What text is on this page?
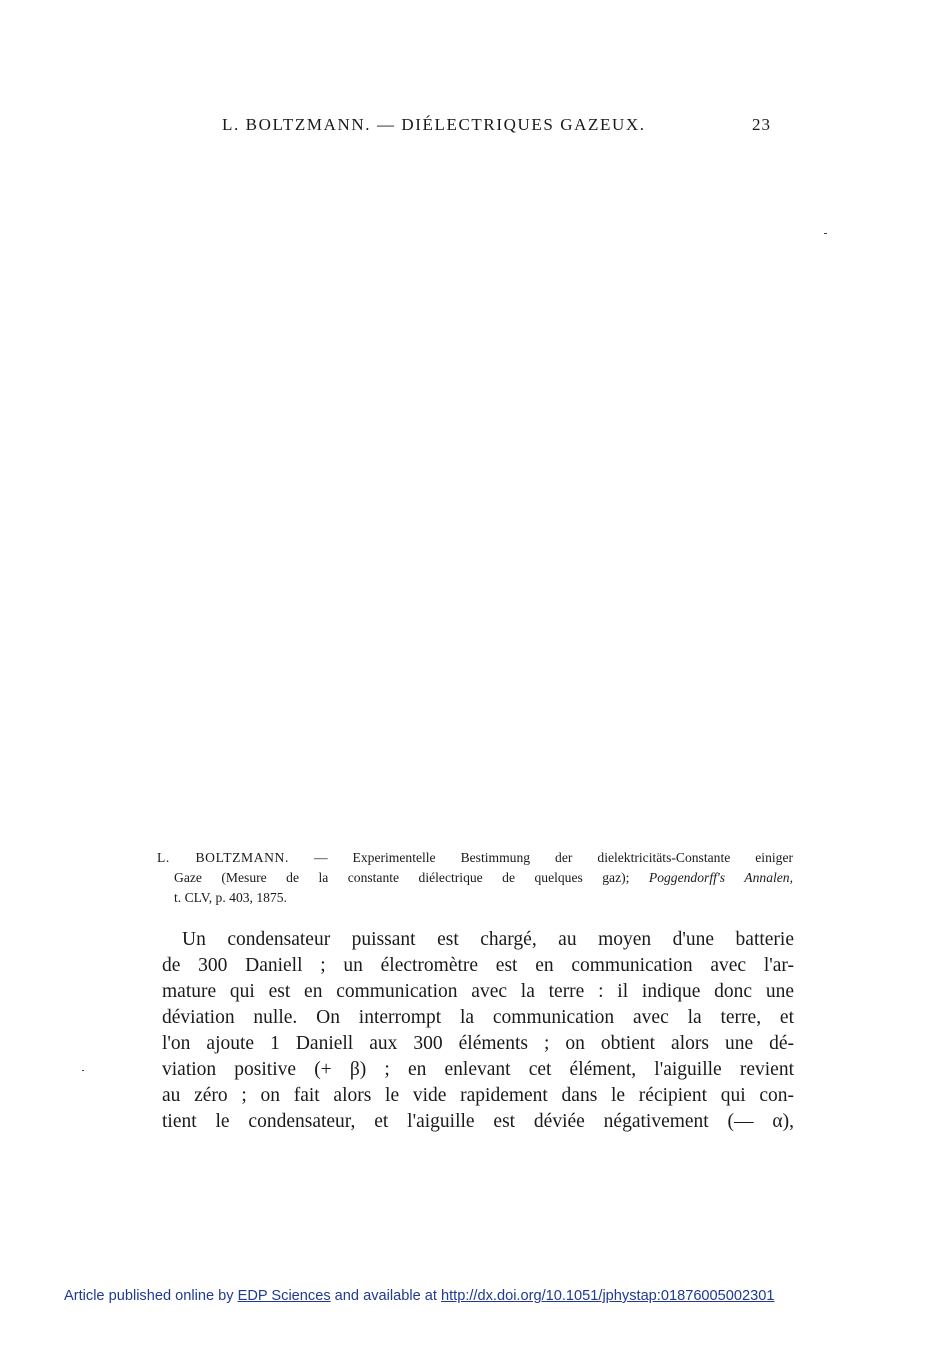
L. BOLTZMANN. — DIÉLECTRIQUES GAZEUX.	23
L. BOLTZMANN. — Experimentelle Bestimmung der dielektricitäts-Constante einiger
Gaze (Mesure de la constante diélectrique de quelques gaz); Poggendorff's Annalen,
t. CLV, p. 403, 1875.
Un condensateur puissant est chargé, au moyen d'une batterie
de 300 Daniell ; un électromètre est en communication avec l'ar-
mature qui est en communication avec la terre : il indique donc une
déviation nulle. On interrompt la communication avec la terre, et
l'on ajoute 1 Daniell aux 300 éléments ; on obtient alors une dé-
viation positive (+ β) ; en enlevant cet élément, l'aiguille revient
au zéro ; on fait alors le vide rapidement dans le récipient qui con-
tient le condensateur, et l'aiguille est déviée négativement (— α),
Article published online by EDP Sciences and available at http://dx.doi.org/10.1051/jphystap:01876005002301
